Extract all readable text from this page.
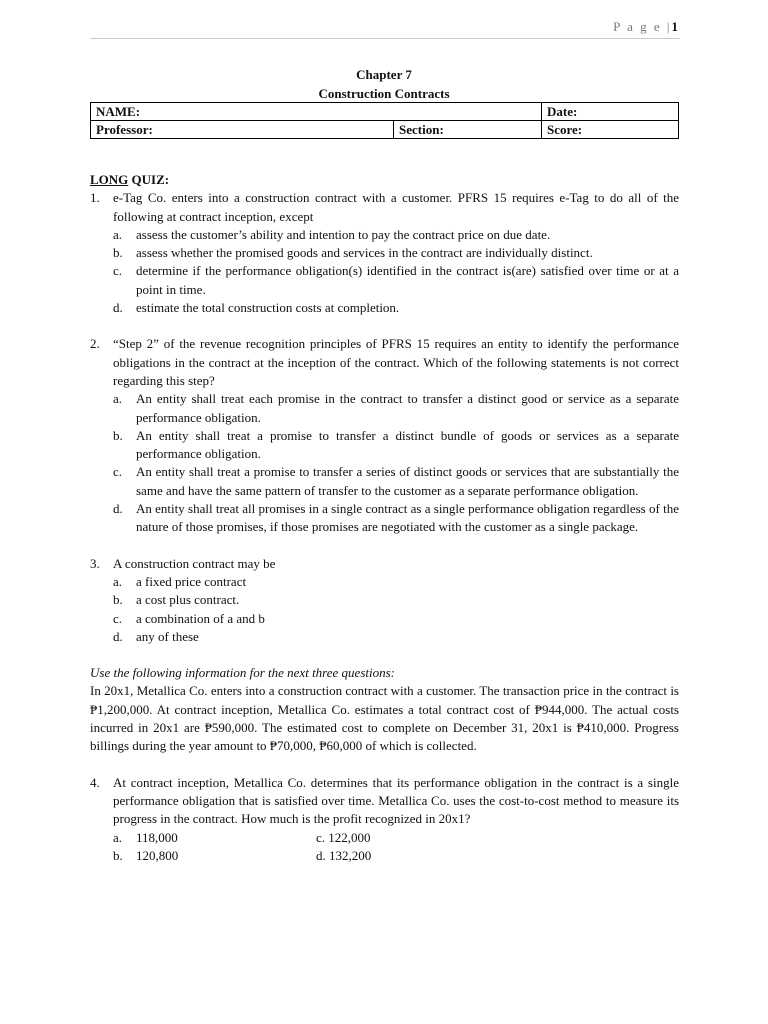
P a g e |1
Chapter 7
Construction Contracts
NAME:		Date:
Professor:	Section:	Score:
LONG QUIZ:
1. e-Tag Co. enters into a construction contract with a customer. PFRS 15 requires e-Tag to do all of the following at contract inception, except
a. assess the customer’s ability and intention to pay the contract price on due date.
b. assess whether the promised goods and services in the contract are individually distinct.
c. determine if the performance obligation(s) identified in the contract is(are) satisfied over time or at a point in time.
d. estimate the total construction costs at completion.
2. “Step 2” of the revenue recognition principles of PFRS 15 requires an entity to identify the performance obligations in the contract at the inception of the contract. Which of the following statements is not correct regarding this step?
a. An entity shall treat each promise in the contract to transfer a distinct good or service as a separate performance obligation.
b. An entity shall treat a promise to transfer a distinct bundle of goods or services as a separate performance obligation.
c. An entity shall treat a promise to transfer a series of distinct goods or services that are substantially the same and have the same pattern of transfer to the customer as a separate performance obligation.
d. An entity shall treat all promises in a single contract as a single performance obligation regardless of the nature of those promises, if those promises are negotiated with the customer as a single package.
3. A construction contract may be
a. a fixed price contract
b. a cost plus contract.
c. a combination of a and b
d. any of these
Use the following information for the next three questions:
In 20x1, Metallica Co. enters into a construction contract with a customer. The transaction price in the contract is ₱1,200,000. At contract inception, Metallica Co. estimates a total contract cost of ₱944,000. The actual costs incurred in 20x1 are ₱590,000. The estimated cost to complete on December 31, 20x1 is ₱410,000. Progress billings during the year amount to ₱70,000, ₱60,000 of which is collected.
4. At contract inception, Metallica Co. determines that its performance obligation in the contract is a single performance obligation that is satisfied over time. Metallica Co. uses the cost-to-cost method to measure its progress in the contract. How much is the profit recognized in 20x1?
a. 118,000	c. 122,000
b. 120,800	d. 132,200
